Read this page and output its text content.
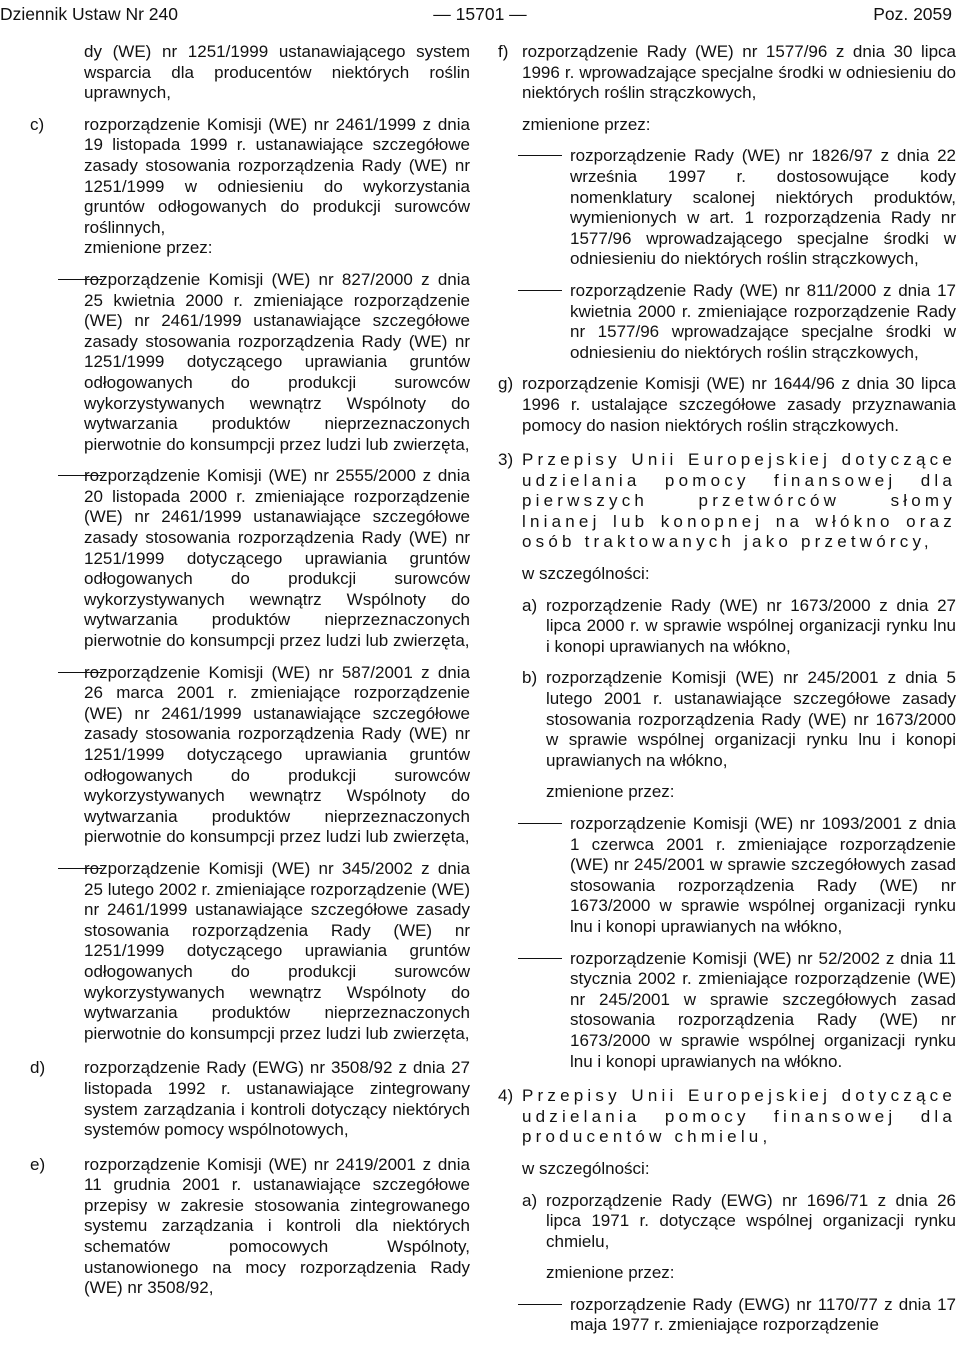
Dziennik Ustaw Nr 240	— 15701 —	Poz. 2059

dy (WE) nr 1251/1999 ustanawiającego system wsparcia dla producentów niektórych roślin uprawnych,

c) rozporządzenie Komisji (WE) nr 2461/1999 z dnia 19 listopada 1999 r. ustanawiające szczegółowe zasady stosowania rozporządzenia Rady (WE) nr 1251/1999 w odniesieniu do wykorzystania gruntów odłogowanych do produkcji surowców roślinnych,

zmienione przez:

rozporządzenie Komisji (WE) nr 827/2000 z dnia 25 kwietnia 2000 r. zmieniające rozporządzenie (WE) nr 2461/1999 ustanawiające szczegółowe zasady stosowania rozporządzenia Rady (WE) nr 1251/1999 dotyczącego uprawiania gruntów odłogowanych do produkcji surowców wykorzystywanych wewnątrz Wspólnoty do wytwarzania produktów nieprzeznaczonych pierwotnie do konsumpcji przez ludzi lub zwierzęta,
rozporządzenie Komisji (WE) nr 2555/2000 z dnia 20 listopada 2000 r. zmieniające rozporządzenie (WE) nr 2461/1999 ustanawiające szczegółowe zasady stosowania rozporządzenia Rady (WE) nr 1251/1999 dotyczącego uprawiania gruntów odłogowanych do produkcji surowców wykorzystywanych wewnątrz Wspólnoty do wytwarzania produktów nieprzeznaczonych pierwotnie do konsumpcji przez ludzi lub zwierzęta,
rozporządzenie Komisji (WE) nr 587/2001 z dnia 26 marca 2001 r. zmieniające rozporządzenie (WE) nr 2461/1999 ustanawiające szczegółowe zasady stosowania rozporządzenia Rady (WE) nr 1251/1999 dotyczącego uprawiania gruntów odłogowanych do produkcji surowców wykorzystywanych wewnątrz Wspólnoty do wytwarzania produktów nieprzeznaczonych pierwotnie do konsumpcji przez ludzi lub zwierzęta,
rozporządzenie Komisji (WE) nr 345/2002 z dnia 25 lutego 2002 r. zmieniające rozporządzenie (WE) nr 2461/1999 ustanawiające szczegółowe zasady stosowania rozporządzenia Rady (WE) nr 1251/1999 dotyczącego uprawiania gruntów odłogowanych do produkcji surowców wykorzystywanych wewnątrz Wspólnoty do wytwarzania produktów nieprzeznaczonych pierwotnie do konsumpcji przez ludzi lub zwierzęta,
d) rozporządzenie Rady (EWG) nr 3508/92 z dnia 27 listopada 1992 r. ustanawiające zintegrowany system zarządzania i kontroli dotyczący niektórych systemów pomocy wspólnotowych,
e) rozporządzenie Komisji (WE) nr 2419/2001 z dnia 11 grudnia 2001 r. ustanawiające szczegółowe przepisy w zakresie stosowania zintegrowanego systemu zarządzania i kontroli dla niektórych schematów pomocowych Wspólnoty, ustanowionego na mocy rozporządzenia Rady (WE) nr 3508/92,
f) rozporządzenie Rady (WE) nr 1577/96 z dnia 30 lipca 1996 r. wprowadzające specjalne środki w odniesieniu do niektórych roślin strączkowych,

zmienione przez:

rozporządzenie Rady (WE) nr 1826/97 z dnia 22 września 1997 r. dostosowujące kody nomenklatury scalonej niektórych produktów, wymienionych w art. 1 rozporządzenia Rady nr 1577/96 wprowadzającego specjalne środki w odniesieniu do niektórych roślin strączkowych,
rozporządzenie Rady (WE) nr 811/2000 z dnia 17 kwietnia 2000 r. zmieniające rozporządzenie Rady nr 1577/96 wprowadzające specjalne środki w odniesieniu do niektórych roślin strączkowych,
g) rozporządzenie Komisji (WE) nr 1644/96 z dnia 30 lipca 1996 r. ustalające szczegółowe zasady przyznawania pomocy do nasion niektórych roślin strączkowych.
3) Przepisy Unii Europejskiej dotyczące udzielania pomocy finansowej dla pierwszych przetwórców słomy lnianej lub konopnej na włókno oraz osób traktowanych jako przetwórcy,

w szczególności:

a) rozporządzenie Rady (WE) nr 1673/2000 z dnia 27 lipca 2000 r. w sprawie wspólnej organizacji rynku lnu i konopi uprawianych na włókno,
b) rozporządzenie Komisji (WE) nr 245/2001 z dnia 5 lutego 2001 r. ustanawiające szczegółowe zasady stosowania rozporządzenia Rady (WE) nr 1673/2000 w sprawie wspólnej organizacji rynku lnu i konopi uprawianych na włókno,

zmienione przez:

rozporządzenie Komisji (WE) nr 1093/2001 z dnia 1 czerwca 2001 r. zmieniające rozporządzenie (WE) nr 245/2001 w sprawie szczegółowych zasad stosowania rozporządzenia Rady (WE) nr 1673/2000 w sprawie wspólnej organizacji rynku lnu i konopi uprawianych na włókno,
rozporządzenie Komisji (WE) nr 52/2002 z dnia 11 stycznia 2002 r. zmieniające rozporządzenie (WE) nr 245/2001 w sprawie szczegółowych zasad stosowania rozporządzenia Rady (WE) nr 1673/2000 w sprawie wspólnej organizacji rynku lnu i konopi uprawianych na włókno.
4) Przepisy Unii Europejskiej dotyczące udzielania pomocy finansowej dla producentów chmielu,

w szczególności:

a) rozporządzenie Rady (EWG) nr 1696/71 z dnia 26 lipca 1971 r. dotyczące wspólnej organizacji rynku chmielu,

zmienione przez:

rozporządzenie Rady (EWG) nr 1170/77 z dnia 17 maja 1977 r. zmieniające rozporządzenie
